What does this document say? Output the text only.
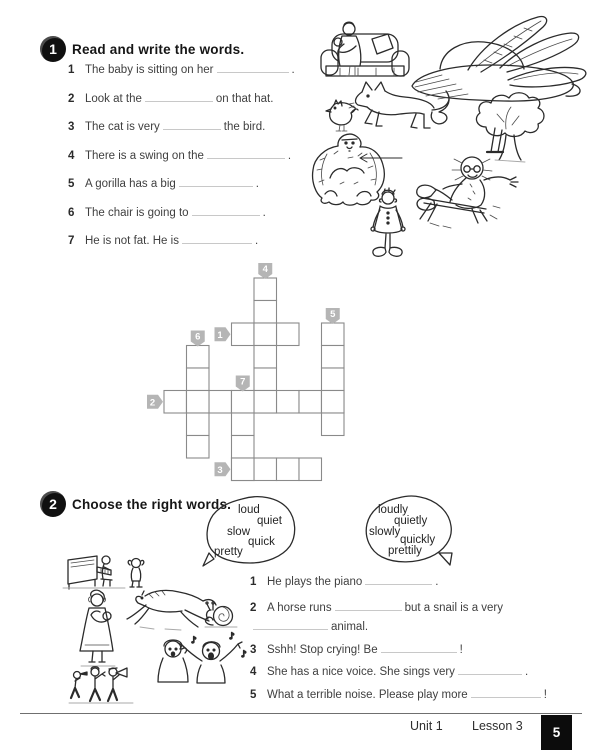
1	Read and write the words.
1 The baby is sitting on her	.
2 Look at the	on that hat.
3 The cat is very	the bird.
4 There is a swing on the	.
5 A gorilla has a big	.
6 The chair is going to	.
7 He is not fat. He is	.
1
2
3
4
5
6
7
2	Choose the right words. loud
quiet
slow
quick
pretty
loudly
quietly
slowly
quickly
prettily
♪	♪
♪
1 He plays the piano	.
2 A horse runs	but a snail is a very
animal.
3 Sshh! Stop crying! Be	!
4 She has a nice voice. She sings very	.
5 What a terrible noise. Please play more	!
Unit 1 Lesson 3	5
